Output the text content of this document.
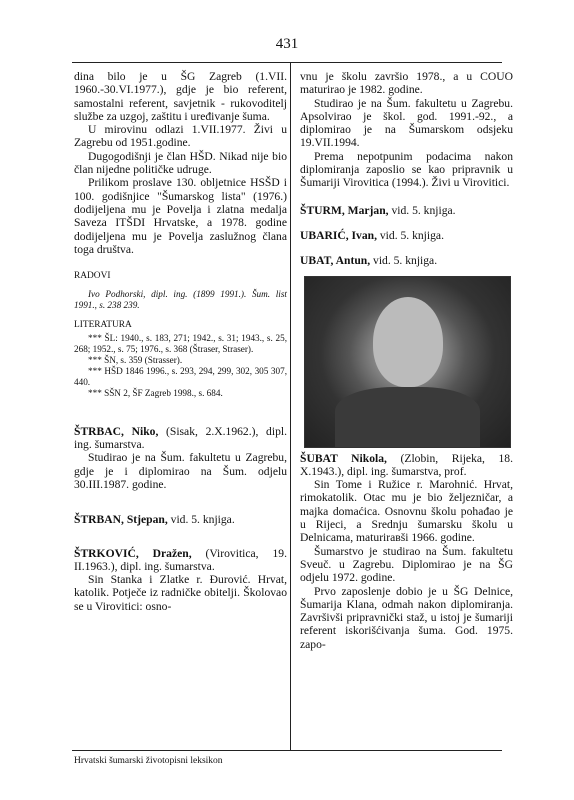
431

dina bilo je u ŠG Zagreb (1.VII. 1960.-30.VI.1977.), gdje je bio referent, samostalni referent, savjetnik - rukovoditelj službe za uzgoj, zaštitu i uređivanje šuma.

U mirovinu odlazi 1.VII.1977. Živi u Zagrebu od 1951.godine.

Dugogodišnji je član HŠD. Nikad nije bio član nijedne političke udruge.

Prilikom proslave 130. obljetnice HSŠD i 100. godišnjice "Šumarskog lista" (1976.) dodijeljena mu je Povelja i zlatna medalja Saveza ITŠDI Hrvatske, a 1978. godine dodijeljena mu je Povelja zaslužnog člana toga društva.

RADOVI

Ivo Podhorski, dipl. ing. (1899 1991.). Šum. list 1991., s. 238 239.

LITERATURA

*** ŠL: 1940., s. 183, 271; 1942., s. 31; 1943., s. 25, 268; 1952., s. 75; 1976., s. 368 (Štraser, Straser).

*** ŠN, s. 359 (Strasser).

*** HŠD 1846 1996., s. 293, 294, 299, 302, 305 307, 440.

*** SŠN 2, ŠF Zagreb 1998., s. 684.

ŠTRBAC, Niko, (Sisak, 2.X.1962.), dipl. ing. šumarstva.

Studirao je na Šum. fakultetu u Zagrebu, gdje je i diplomirao na Šum. odjelu 30.III.1987. godine.

ŠTRBAN, Stjepan, vid. 5. knjiga.

ŠTRKOVIĆ, Dražen, (Virovitica, 19. II.1963.), dipl. ing. šumarstva.

Sin Stanka i Zlatke r. Đurović. Hrvat, katolik. Potječe iz radničke obitelji. Školovao se u Virovitici: osno-

vnu je školu završio 1978., a u COUO maturirao je 1982. godine.

Studirao je na Šum. fakultetu u Zagrebu. Apsolvirao je škol. god. 1991.-92., a diplomirao je na Šumarskom odsjeku 19.VII.1994.

Prema nepotpunim podacima nakon diplomiranja zaposlio se kao pripravnik u Šumariji Virovitica (1994.). Živi u Virovitici.

ŠTURM, Marjan, vid. 5. knjiga.

UBARIĆ, Ivan, vid. 5. knjiga.

UBAT, Antun, vid. 5. knjiga.

ŠUBAT Nikola, (Zlobin, Rijeka, 18. X.1943.), dipl. ing. šumarstva, prof.

Sin Tome i Ružice r. Marohnić. Hrvat, rimokatolik. Otac mu je bio željezničar, a majka domaćica. Osnovnu školu pohađao je u Rijeci, a Srednju šumarsku školu u Delnicama, maturirавši 1966. godine.

Šumarstvo je studirao na Šum. fakultetu Sveuč. u Zagrebu. Diplomirao je na ŠG odjelu 1972. godine.

Prvo zaposlenje dobio je u ŠG Delnice, Šumarija Klana, odmah nakon diplomiranja. Završivši pripravnički staž, u istoj je šumariji referent iskorišćivanja šuma. God. 1975. zapo-

Hrvatski šumarski životopisni leksikon
